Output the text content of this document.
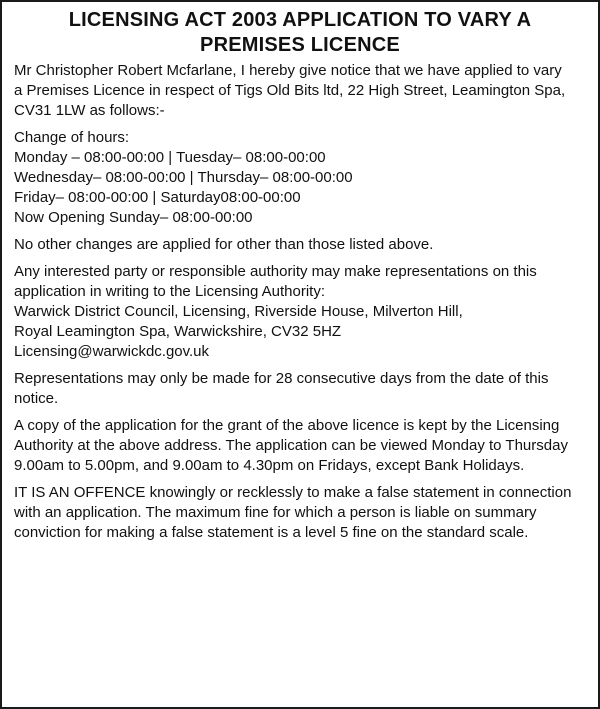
LICENSING ACT 2003 APPLICATION TO VARY A
PREMISES LICENCE

Mr Christopher Robert Mcfarlane, I hereby give notice that we have applied to vary
a Premises Licence in respect of Tigs Old Bits ltd, 22 High Street, Leamington Spa,
CV31 1LW as follows:-

Change of hours:
Monday – 08:00-00:00 | Tuesday– 08:00-00:00
Wednesday– 08:00-00:00 | Thursday– 08:00-00:00
Friday– 08:00-00:00 | Saturday08:00-00:00
Now Opening Sunday– 08:00-00:00

No other changes are applied for other than those listed above.

Any interested party or responsible authority may make representations on this
application in writing to the Licensing Authority:
Warwick District Council, Licensing, Riverside House, Milverton Hill,
Royal Leamington Spa, Warwickshire, CV32 5HZ
Licensing@warwickdc.gov.uk

Representations may only be made for 28 consecutive days from the date of this
notice.

A copy of the application for the grant of the above licence is kept by the Licensing
Authority at the above address. The application can be viewed Monday to Thursday
9.00am to 5.00pm, and 9.00am to 4.30pm on Fridays, except Bank Holidays.

IT IS AN OFFENCE knowingly or recklessly to make a false statement in connection
with an application. The maximum fine for which a person is liable on summary
conviction for making a false statement is a level 5 fine on the standard scale.
